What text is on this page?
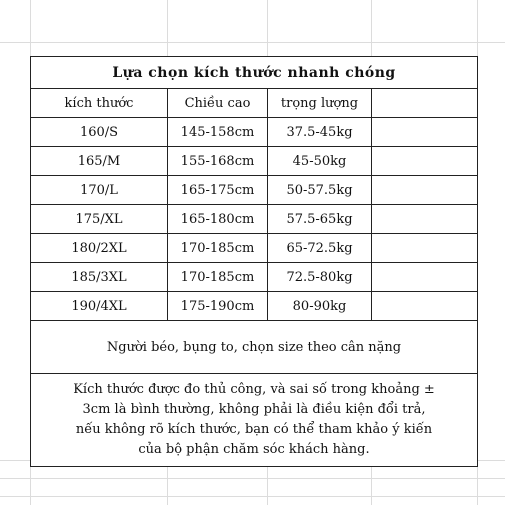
Lựa chọn kích thước nhanh chóng			
kích thước	Chiều cao	trọng lượng	
160/S	145-158cm	37.5-45kg	
165/M	155-168cm	45-50kg	
170/L	165-175cm	50-57.5kg	
175/XL	165-180cm	57.5-65kg	
180/2XL	170-185cm	65-72.5kg	
185/3XL	170-185cm	72.5-80kg	
190/4XL	175-190cm	80-90kg	
Người béo, bụng to, chọn size theo cân nặng			

Kích thước được đo thủ công, và sai số trong khoảng ±
3cm là bình thường, không phải là điều kiện đổi trả,
nếu không rõ kích thước, bạn có thể tham khảo ý kiến
của bộ phận chăm sóc khách hàng.			
